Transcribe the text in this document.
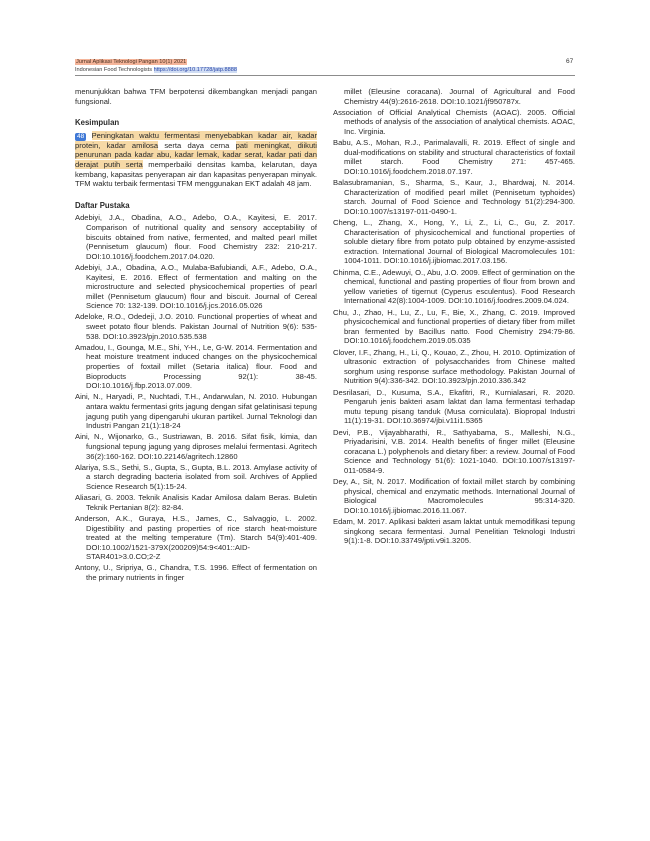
Jurnal Aplikasi Teknologi Pangan 10(1) 2021
Indonesian Food Technologists https://doi.org/10.17728/jatp.8888
67

menunjukkan bahwa TFM berpotensi dikembangkan menjadi pangan fungsional.

Kesimpulan

48 Peningkatan waktu fermentasi menyebabkan kadar air, kadar protein, kadar amilosa serta daya cerna pati meningkat, diikuti penurunan pada kadar abu, kadar lemak, kadar serat, kadar pati dan derajat putih serta memperbaiki densitas kamba, kelarutan, daya kembang, kapasitas penyerapan air dan kapasitas penyerapan minyak. TFM waktu terbaik fermentasi TFM menggunakan EKT adalah 48 jam.

Daftar Pustaka
Adebiyi, J.A., Obadina, A.O., Adebo, O.A., Kayitesi, E. 2017. Comparison of nutritional quality and sensory acceptability of biscuits obtained from native, fermented, and malted pearl millet (Pennisetum glaucum) flour. Food Chemistry 232: 210-217. DOI:10.1016/j.foodchem.2017.04.020.
Adebiyi, J.A., Obadina, A.O., Mulaba-Bafubiandi, A.F., Adebo, O.A., Kayitesi, E. 2016. Effect of fermentation and malting on the microstructure and selected physicochemical properties of pearl millet (Pennisetum glaucum) flour and biscuit. Journal of Cereal Science 70: 132-139. DOI:10.1016/j.jcs.2016.05.026
Adeloke, R.O., Odedeji, J.O. 2010. Functional properties of wheat and sweet potato flour blends. Pakistan Journal of Nutrition 9(6): 535-538. DOI:10.3923/pjn.2010.535.538
Amadou, I., Gounga, M.E., Shi, Y-H., Le, G-W. 2014. Fermentation and heat moisture treatment induced changes on the physicochemical properties of foxtail millet (Setaria italica) flour. Food and Bioproducts Processing 92(1): 38-45. DOI:10.1016/j.fbp.2013.07.009.
Aini, N., Haryadi, P., Nuchtadi, T.H., Andarwulan, N. 2010. Hubungan antara waktu fermentasi grits jagung dengan sifat gelatinisasi tepung jagung putih yang dipengaruhi ukuran partikel. Jurnal Teknologi dan Industri Pangan 21(1):18-24
Aini, N., Wijonarko, G., Sustriawan, B. 2016. Sifat fisik, kimia, dan fungsional tepung jagung yang diproses melalui fermentasi. Agritech 36(2):160-162. DOI:10.22146/agritech.12860
Alariya, S.S., Sethi, S., Gupta, S., Gupta, B.L. 2013. Amylase activity of a starch degrading bacteria isolated from soil. Archives of Applied Science Research 5(1):15-24.
Aliasari, G. 2003. Teknik Analisis Kadar Amilosa dalam Beras. Buletin Teknik Pertanian 8(2): 82-84.
Anderson, A.K., Guraya, H.S., James, C., Salvaggio, L. 2002. Digestibility and pasting properties of rice starch heat-moisture treated at the melting temperature (Tm). Starch 54(9):401-409. DOI:10.1002/1521-379X(200209)54:9<401::AID-STAR401>3.0.CO;2-Z
Antony, U., Sripriya, G., Chandra, T.S. 1996. Effect of fermentation on the primary nutrients in finger
millet (Eleusine coracana). Journal of Agricultural and Food Chemistry 44(9):2616-2618. DOI:10.1021/jf950787x.
Association of Official Analytical Chemists (AOAC). 2005. Official methods of analysis of the association of analytical chemists. AOAC, Inc. Virginia.
Babu, A.S., Mohan, R.J., Parimalavalli, R. 2019. Effect of single and dual-modifications on stability and structural characteristics of foxtail millet starch. Food Chemistry 271: 457-465. DOI:10.1016/j.foodchem.2018.07.197.
Balasubramanian, S., Sharma, S., Kaur, J., Bhardwaj, N. 2014. Characterization of modified pearl millet (Pennisetum typhoides) starch. Journal of Food Science and Technology 51(2):294-300. DOI:10.1007/s13197-011-0490-1.
Cheng, L., Zhang, X., Hong, Y., Li, Z., Li, C., Gu, Z. 2017. Characterisation of physicochemical and functional properties of soluble dietary fibre from potato pulp obtained by enzyme-assisted extraction. International Journal of Biological Macromolecules 101: 1004-1011. DOI:10.1016/j.ijbiomac.2017.03.156.
Chinma, C.E., Adewuyi, O., Abu, J.O. 2009. Effect of germination on the chemical, functional and pasting properties of flour from brown and yellow varieties of tigernut (Cyperus esculentus). Food Research International 42(8):1004-1009. DOI:10.1016/j.foodres.2009.04.024.
Chu, J., Zhao, H., Lu, Z., Lu, F., Bie, X., Zhang, C. 2019. Improved physicochemical and functional properties of dietary fiber from millet bran fermented by Bacillus natto. Food Chemistry 294:79-86. DOI:10.1016/j.foodchem.2019.05.035
Clover, I.F., Zhang, H., Li, Q., Kouao, Z., Zhou, H. 2010. Optimization of ultrasonic extraction of polysaccharides from Chinese malted sorghum using response surface methodology. Pakistan Journal of Nutrition 9(4):336-342. DOI:10.3923/pjn.2010.336.342
Desrilasari, D., Kusuma, S.A., Ekafitri, R., Kurnialasari, R. 2020. Pengaruh jenis bakteri asam laktat dan lama fermentasi terhadap mutu tepung pisang tanduk (Musa corniculata). Biopropal Industri 11(1):19-31. DOI:10.36974/jbi.v11i1.5365
Devi, P.B., Vijayabharathi, R., Sathyabama, S., Malleshi, N.G., Priyadarisini, V.B. 2014. Health benefits of finger millet (Eleusine coracana L.) polyphenols and dietary fiber: a review. Journal of Food Science and Technology 51(6): 1021-1040. DOI:10.1007/s13197-011-0584-9.
Dey, A., Sit, N. 2017. Modification of foxtail millet starch by combining physical, chemical and enzymatic methods. International Journal of Biological Macromolecules 95:314-320. DOI:10.1016/j.ijbiomac.2016.11.067.
Edam, M. 2017. Aplikasi bakteri asam laktat untuk memodifikasi tepung singkong secara fermentasi. Jurnal Penelitian Teknologi Industri 9(1):1-8. DOI:10.33749/jpti.v9i1.3205.
